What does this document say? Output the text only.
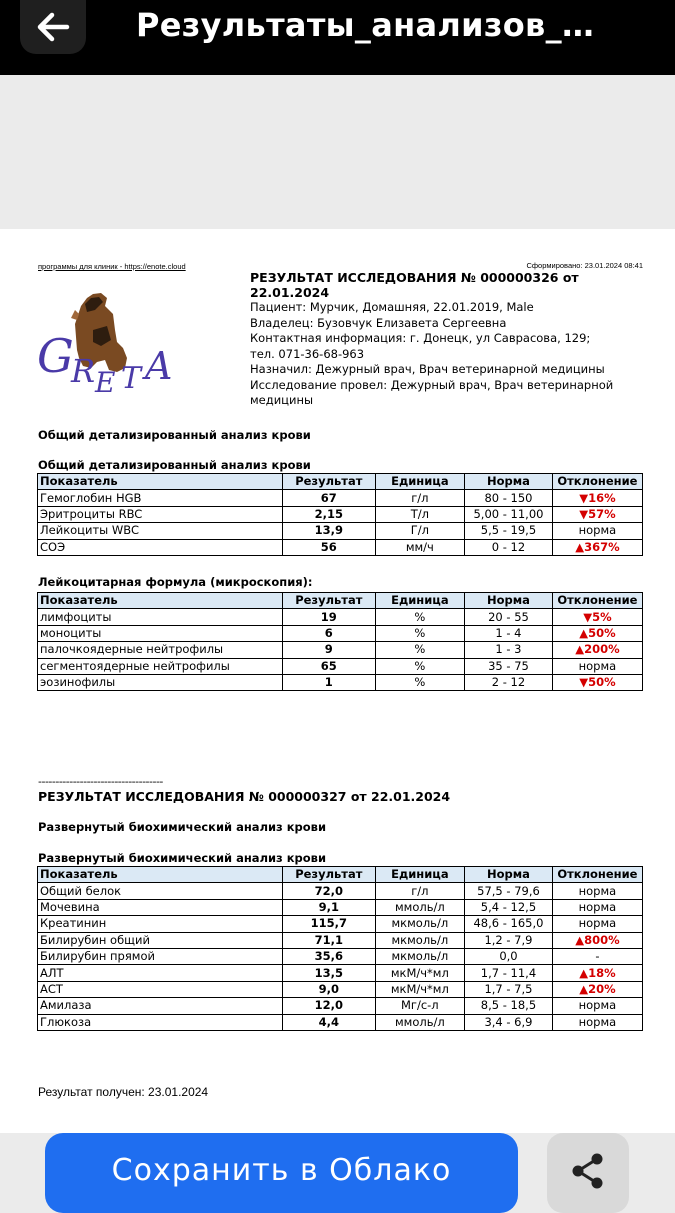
Результаты_анализов_…
программы для клиник - https://enote.cloud	Сформировано: 23.01.2024 08:41
G
R E T A
РЕЗУЛЬТАТ ИССЛЕДОВАНИЯ № 000000326 от 22.01.2024
Пациент: Мурчик, Домашняя, 22.01.2019, Male
Владелец: Бузовчук Елизавета Сергеевна
Контактная информация: г. Донецк, ул Саврасова, 129;
тел. 071-36-68-963
Назначил: Дежурный врач, Врач ветеринарной медицины
Исследование провел: Дежурный врач, Врач ветеринарной медицины
Общий детализированный анализ крови
Общий детализированный анализ крови
Показатель	Результат	Единица	Норма	Отклонение
Гемоглобин HGB	67	г/л	80 - 150	▼16%
Эритроциты RBC	2,15	Т/л	5,00 - 11,00	▼57%
Лейкоциты WBC	13,9	Г/л	5,5 - 19,5	норма
СОЭ	56	мм/ч	0 - 12	▲367%
Лейкоцитарная формула (микроскопия):
Показатель	Результат	Единица	Норма	Отклонение
лимфоциты	19	%	20 - 55	▼5%
моноциты	6	%	1 - 4	▲50%
палочкоядерные нейтрофилы	9	%	1 - 3	▲200%
сегментоядерные нейтрофилы	65	%	35 - 75	норма
эозинофилы	1	%	2 - 12	▼50%
------------------------------------
РЕЗУЛЬТАТ ИССЛЕДОВАНИЯ № 000000327 от 22.01.2024
Развернутый биохимический анализ крови
Развернутый биохимический анализ крови
Показатель	Результат	Единица	Норма	Отклонение
Общий белок	72,0	г/л	57,5 - 79,6	норма
Мочевина	9,1	ммоль/л	5,4 - 12,5	норма
Креатинин	115,7	мкмоль/л	48,6 - 165,0	норма
Билирубин общий	71,1	мкмоль/л	1,2 - 7,9	▲800%
Билирубин прямой	35,6	мкмоль/л	0,0	-
АЛТ	13,5	мкМ/ч*мл	1,7 - 11,4	▲18%
АСТ	9,0	мкМ/ч*мл	1,7 - 7,5	▲20%
Амилаза	12,0	Мг/с-л	8,5 - 18,5	норма
Глюкоза	4,4	ммоль/л	3,4 - 6,9	норма
Результат получен: 23.01.2024
Сохранить в Облако
